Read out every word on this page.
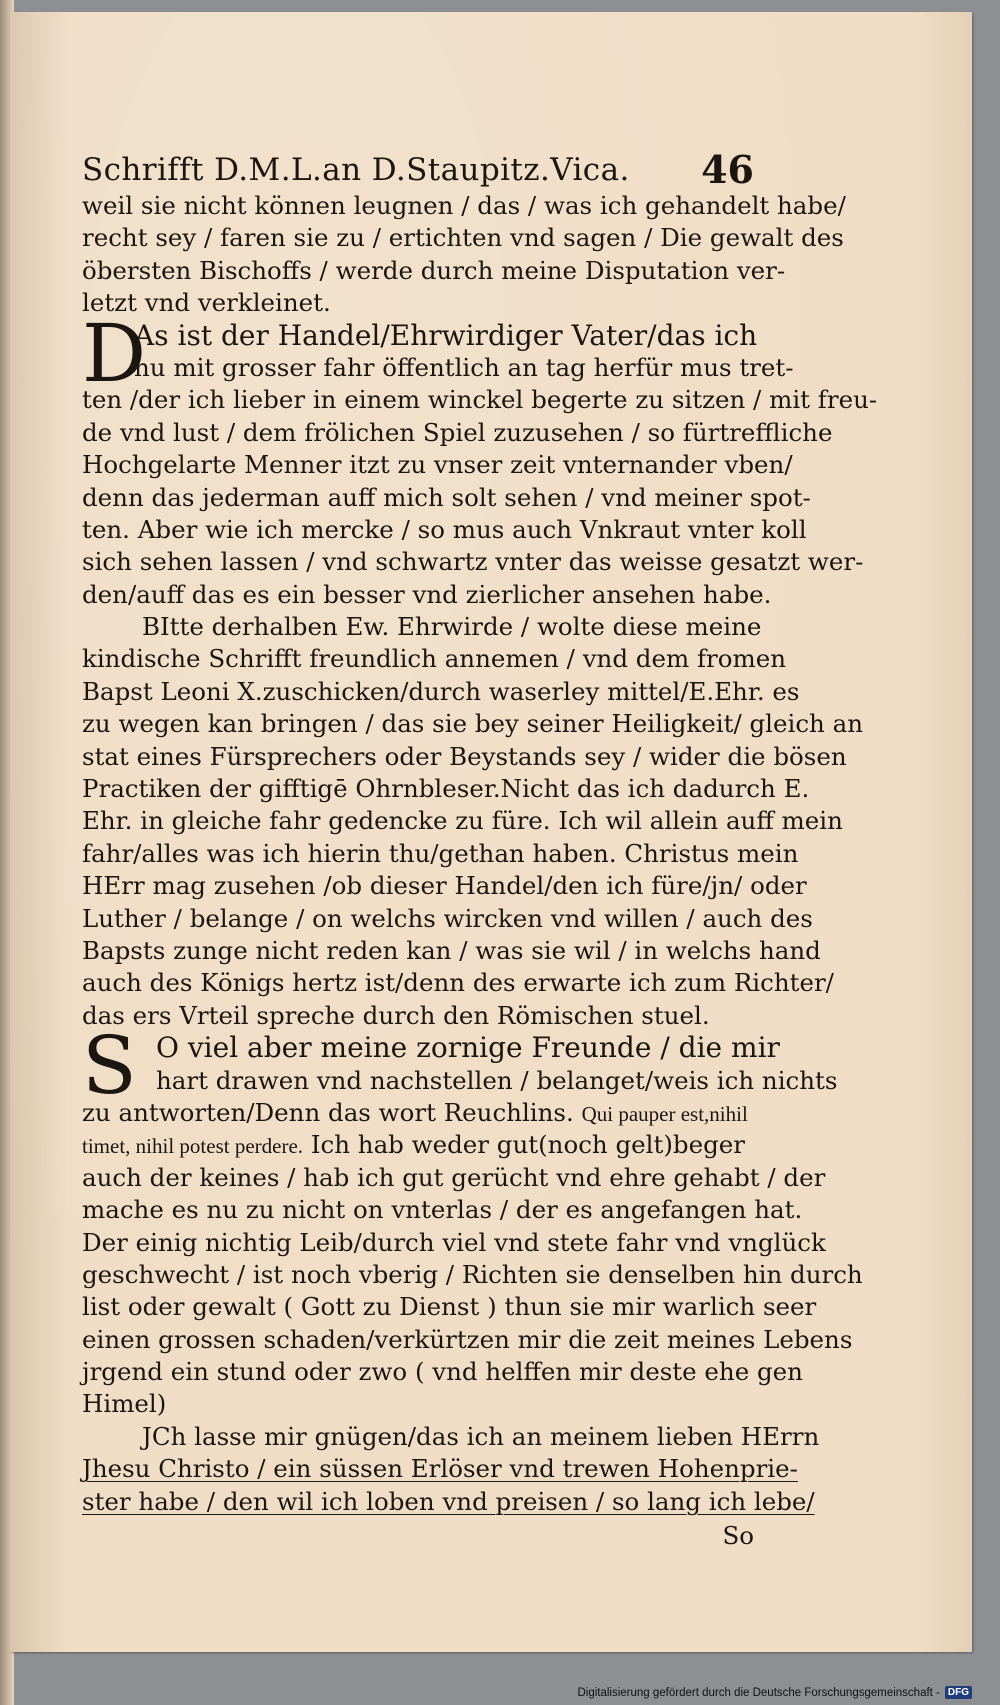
Schrifft D.M.L.an D.Staupitz.Vica. 46
weil sie nicht können leugnen / das / was ich gehandelt habe/
recht sey / faren sie zu / ertichten vnd sagen / Die gewalt des
öbersten Bischoffs / werde durch meine Disputation ver-
letzt vnd verkleinet.
D
As ist der Handel/Ehrwirdiger Vater/das ich
nu mit grosser fahr öffentlich an tag herfür mus tret-
ten /der ich lieber in einem winckel begerte zu sitzen / mit freu-
de vnd lust / dem frölichen Spiel zuzusehen / so fürtreffliche
Hochgelarte Menner itzt zu vnser zeit vnternander vben/
denn das jederman auff mich solt sehen / vnd meiner spot-
ten. Aber wie ich mercke / so mus auch Vnkraut vnter koll
sich sehen lassen / vnd schwartz vnter das weisse gesatzt wer-
den/auff das es ein besser vnd zierlicher ansehen habe.
BItte derhalben Ew. Ehrwirde / wolte diese meine
kindische Schrifft freundlich annemen / vnd dem fromen
Bapst Leoni X.zuschicken/durch waserley mittel/E.Ehr. es
zu wegen kan bringen / das sie bey seiner Heiligkeit/ gleich an
stat eines Fürsprechers oder Beystands sey / wider die bösen
Practiken der gifftigē Ohrnbleser.Nicht das ich dadurch E.
Ehr. in gleiche fahr gedencke zu füre. Ich wil allein auff mein
fahr/alles was ich hierin thu/gethan haben. Christus mein
HErr mag zusehen /ob dieser Handel/den ich füre/jn/ oder
Luther / belange / on welchs wircken vnd willen / auch des
Bapsts zunge nicht reden kan / was sie wil / in welchs hand
auch des Königs hertz ist/denn des erwarte ich zum Richter/
das ers Vrteil spreche durch den Römischen stuel.
S O viel aber meine zornige Freunde / die mir
hart drawen vnd nachstellen / belanget/weis ich nichts
zu antworten/Denn das wort Reuchlins. Qui pauper est,nihil
timet, nihil potest perdere. Ich hab weder gut(noch gelt)beger
auch der keines / hab ich gut gerücht vnd ehre gehabt / der
mache es nu zu nicht on vnterlas / der es angefangen hat.
Der einig nichtig Leib/durch viel vnd stete fahr vnd vnglück
geschwecht / ist noch vberig / Richten sie denselben hin durch
list oder gewalt ( Gott zu Dienst ) thun sie mir warlich seer
einen grossen schaden/verkürtzen mir die zeit meines Lebens
jrgend ein stund oder zwo ( vnd helffen mir deste ehe gen
Himel)
JCh lasse mir gnügen/das ich an meinem lieben HErrn
Jhesu Christo / ein süssen Erlöser vnd trewen Hohenprie-
ster habe / den wil ich loben vnd preisen / so lang ich lebe/
So
Digitalisierung gefördert durch die Deutsche Forschungsgemeinschaft - DFG
